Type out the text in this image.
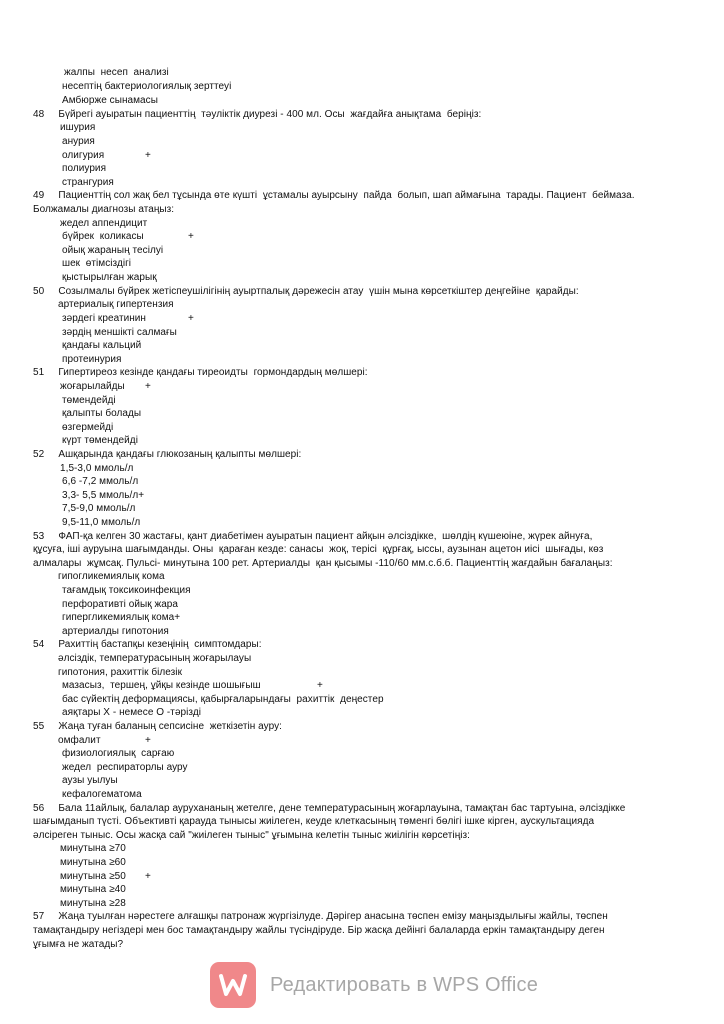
жалпы  несеп  анализі
несептің бактериологиялық зерттеуі
Амбюрже сынамасы
48     Бүйрегі ауыратын пациенттің  тәуліктік диурезі - 400 мл. Осы  жағдайға анықтама  беріңіз:
ишурия
анурия
олигурия	+
полиурия
странгурия
49     Пациенттің сол жақ бел тұсында өте күшті  ұстамалы ауырсыну  пайда  болып, шап аймағына  тарады. Пациент  беймаза.
Болжамалы диагнозы атаңыз:
жедел аппендицит
бүйрек  коликасы	+
ойық жараның тесілуі
шек  өтімсіздігі
қыстырылған жарық
50     Созылмалы бүйрек жетіспеушілігінің ауыртпалық дәрежесін атау  үшін мына көрсеткіштер деңгейіне  қарайды:
артериалық гипертензия
зәрдегі креатинин	+
зәрдің меншікті салмағы
қандағы кальций
протеинурия
51     Гипертиреоз кезінде қандағы тиреоидты  гормондардың мөлшері:
жоғарылайды +
төмендейді
қалыпты болады
өзгермейді
күрт төмендейді
52     Ашқарында қандағы глюкозаның қалыпты мөлшері:
1,5-3,0 ммоль/л
6,6 -7,2 ммоль/л
3,3- 5,5 ммоль/л+
7,5-9,0 ммоль/л
9,5-11,0 ммоль/л
53     ФАП-қа келген 30 жастағы, қант диабетімен ауыратын пациент айқын әлсіздікке,  шөлдің күшеюіне, жүрек айнуға,
құсуға, іші ауруына шағымданды. Оны  қараған кезде: санасы  жоқ, терісі  құрғақ, ыссы, аузынан ацетон иісі  шығады, көз
алмалары  жұмсақ. Пульсі- минутына 100 рет. Артериалды  қан қысымы -110/60 мм.с.б.б. Пациенттің жағдайын бағалаңыз:
гипогликемиялық кома
тағамдық токсикоинфекция
перфоративті ойық жара
гипергликемиялық кома+
артериалды гипотония
54     Рахиттің бастапқы кезеңінің  симптомдары:
әлсіздік, температурасының жоғарылауы
гипотония, рахиттік білезік
мазасыз,  тершең, ұйқы кезінде шошығыш	+
бас сүйектің деформациясы, қабырғаларындағы  рахиттік  деңестер
аяқтары Х - немесе О -тәрізді
55     Жаңа туған баланың сепсисіне  жеткізетін ауру:
омфалит	+
физиологиялық  сарғаю
жедел  респираторлы ауру
аузы уылуы
кефалогематома
56     Бала 11айлық, балалар аурухананың жетелге, дене температурасының жоғарлауына, тамақтан бас тартуына, әлсіздікке
шағымданып түсті. Объективті қарауда тынысы жиілеген, кеуде клеткасының төменгі бөлігі ішке кірген, аускультацияда
әлсіреген тыныс. Осы жасқа сай "жиілеген тыныс" ұғымына келетін тыныс жиілігін көрсетіңіз:
минутына ≥70
минутына ≥60
минутына ≥50 +
минутына ≥40
минутына ≥28
57     Жаңа туылған нәрестеге алғашқы патронаж жүргізілуде. Дәрігер анасына төспен емізу маңыздылығы жайлы, төспен
тамақтандыру негіздері мен бос тамақтандыру жайлы түсіндіруде. Бір жасқа дейінгі балаларда еркін тамақтандыру деген
ұғымға не жатады?
Редактировать в WPS Office
